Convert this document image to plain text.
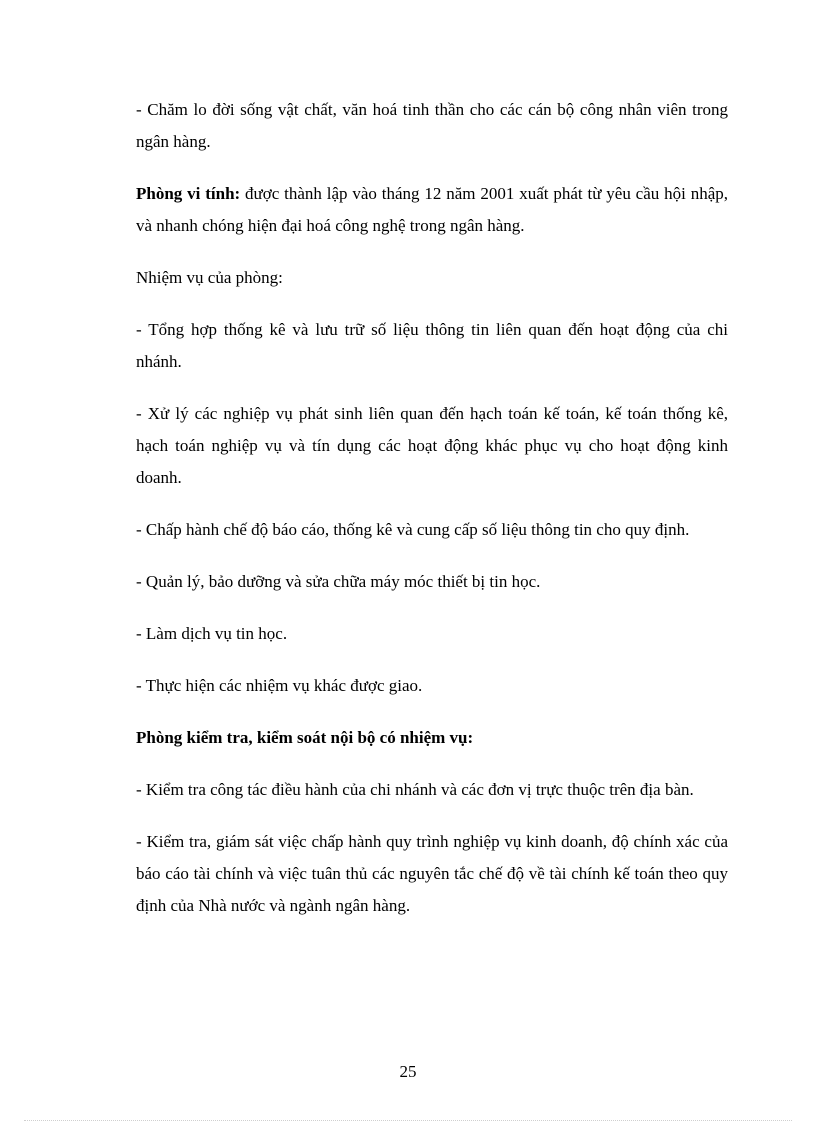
- Chăm lo đời sống vật chất, văn hoá tinh thần cho các cán bộ công nhân viên trong ngân hàng.

Phòng vi tính: được thành lập vào tháng 12 năm 2001 xuất phát từ yêu cầu hội nhập, và nhanh chóng hiện đại hoá công nghệ trong ngân hàng.

Nhiệm vụ của phòng:

- Tổng hợp thống kê và lưu trữ số liệu thông tin liên quan đến hoạt động của chi nhánh.

- Xử lý các nghiệp vụ phát sinh liên quan đến hạch toán kế toán, kế toán thống kê, hạch toán nghiệp vụ và tín dụng các hoạt động khác phục vụ cho hoạt động kinh doanh.

- Chấp hành chế độ báo cáo, thống kê và cung cấp số liệu thông tin cho quy định.

- Quản lý, bảo dưỡng và sửa chữa máy móc thiết bị tin học.

- Làm dịch vụ tin học.

- Thực hiện các nhiệm vụ khác được giao.

Phòng kiểm tra, kiểm soát nội bộ có nhiệm vụ:

- Kiểm tra công tác điều hành của chi nhánh và các đơn vị trực thuộc trên địa bàn.

- Kiểm tra, giám sát việc chấp hành quy trình nghiệp vụ kinh doanh, độ chính xác của báo cáo tài chính và việc tuân thủ các nguyên tắc chế độ về tài chính kế toán theo quy định của Nhà nước và ngành ngân hàng.

25
